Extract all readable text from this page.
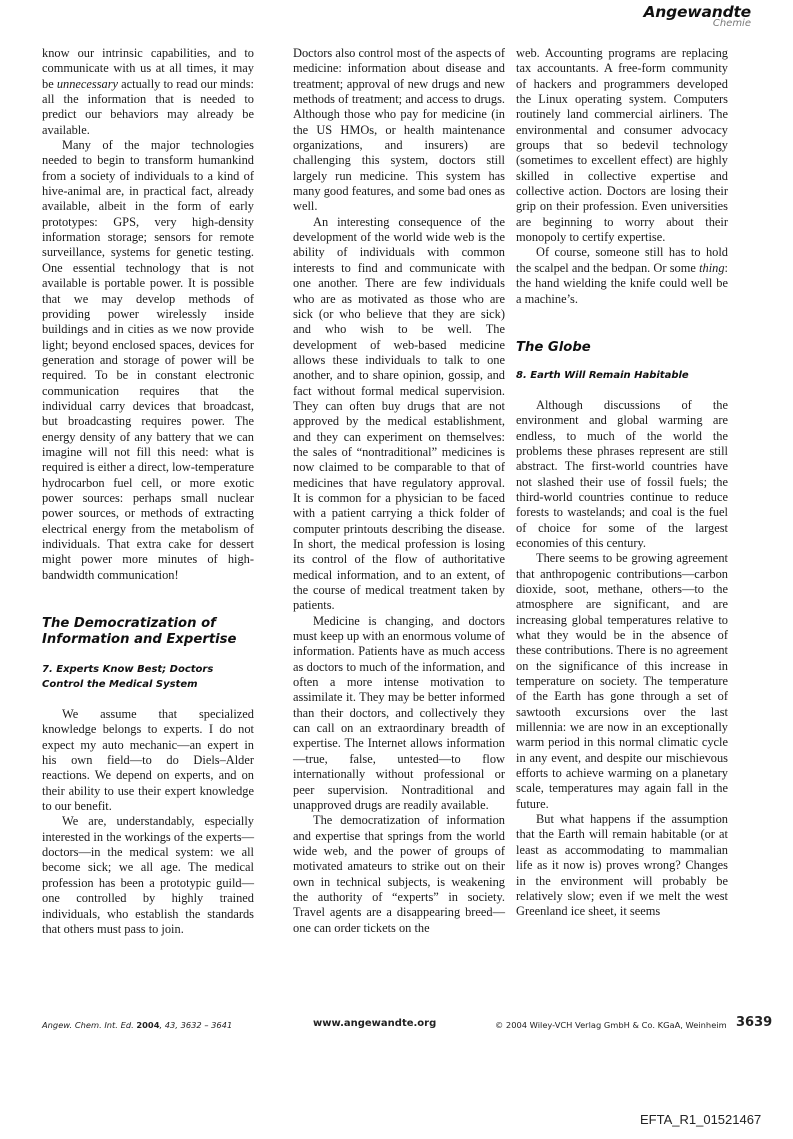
Angewandte
Chemie

know our intrinsic capabilities, and to communicate with us at all times, it may be unnecessary actually to read our minds: all the information that is needed to predict our behaviors may already be available.

Many of the major technologies needed to begin to transform humankind from a society of individuals to a kind of hive-animal are, in practical fact, already available, albeit in the form of early prototypes: GPS, very high-density information storage; sensors for remote surveillance, systems for genetic testing. One essential technology that is not available is portable power. It is possible that we may develop methods of providing power wirelessly inside buildings and in cities as we now provide light; beyond enclosed spaces, devices for generation and storage of power will be required. To be in constant electronic communication requires that the individual carry devices that broadcast, but broadcasting requires power. The energy density of any battery that we can imagine will not fill this need: what is required is either a direct, low-temperature hydrocarbon fuel cell, or more exotic power sources: perhaps small nuclear power sources, or methods of extracting electrical energy from the metabolism of individuals. That extra cake for dessert might power more minutes of high-bandwidth communication!

The Democratization of Information and Expertise
7. Experts Know Best; Doctors Control the Medical System

We assume that specialized knowledge belongs to experts. I do not expect my auto mechanic—an expert in his own field—to do Diels–Alder reactions. We depend on experts, and on their ability to use their expert knowledge to our benefit.

We are, understandably, especially interested in the workings of the experts—doctors—in the medical system: we all become sick; we all age. The medical profession has been a prototypic guild—one controlled by highly trained individuals, who establish the standards that others must pass to join.

Doctors also control most of the aspects of medicine: information about disease and treatment; approval of new drugs and new methods of treatment; and access to drugs. Although those who pay for medicine (in the US HMOs, or health maintenance organizations, and insurers) are challenging this system, doctors still largely run medicine. This system has many good features, and some bad ones as well.

An interesting consequence of the development of the world wide web is the ability of individuals with common interests to find and communicate with one another. There are few individuals who are as motivated as those who are sick (or who believe that they are sick) and who wish to be well. The development of web-based medicine allows these individuals to talk to one another, and to share opinion, gossip, and fact without formal medical supervision. They can often buy drugs that are not approved by the medical establishment, and they can experiment on themselves: the sales of “nontraditional” medicines is now claimed to be comparable to that of medicines that have regulatory approval. It is common for a physician to be faced with a patient carrying a thick folder of computer printouts describing the disease. In short, the medical profession is losing its control of the flow of authoritative medical information, and to an extent, of the course of medical treatment taken by patients.

Medicine is changing, and doctors must keep up with an enormous volume of information. Patients have as much access as doctors to much of the information, and often a more intense motivation to assimilate it. They may be better informed than their doctors, and collectively they can call on an extraordinary breadth of expertise. The Internet allows information—true, false, untested—to flow internationally without professional or peer supervision. Nontraditional and unapproved drugs are readily available.

The democratization of information and expertise that springs from the world wide web, and the power of groups of motivated amateurs to strike out on their own in technical subjects, is weakening the authority of “experts” in society. Travel agents are a disappearing breed—one can order tickets on the

web. Accounting programs are replacing tax accountants. A free-form community of hackers and programmers developed the Linux operating system. Computers routinely land commercial airliners. The environmental and consumer advocacy groups that so bedevil technology (sometimes to excellent effect) are highly skilled in collective expertise and collective action. Doctors are losing their grip on their profession. Even universities are beginning to worry about their monopoly to certify expertise.

Of course, someone still has to hold the scalpel and the bedpan. Or some thing: the hand wielding the knife could well be a machine’s.

The Globe
8. Earth Will Remain Habitable

Although discussions of the environment and global warming are endless, to much of the world the problems these phrases represent are still abstract. The first-world countries have not slashed their use of fossil fuels; the third-world countries continue to reduce forests to wastelands; and coal is the fuel of choice for some of the largest economies of this century.

There seems to be growing agreement that anthropogenic contributions—carbon dioxide, soot, methane, others—to the atmosphere are significant, and are increasing global temperatures relative to what they would be in the absence of these contributions. There is no agreement on the significance of this increase in temperature on society. The temperature of the Earth has gone through a set of sawtooth excursions over the last millennia: we are now in an exceptionally warm period in this normal climatic cycle in any event, and despite our mischievous efforts to achieve warming on a planetary scale, temperatures may again fall in the future.

But what happens if the assumption that the Earth will remain habitable (or at least as accommodating to mammalian life as it now is) proves wrong? Changes in the environment will probably be relatively slow; even if we melt the west Greenland ice sheet, it seems

Angew. Chem. Int. Ed. 2004, 43, 3632 – 3641	www.angewandte.org	© 2004 Wiley-VCH Verlag GmbH & Co. KGaA, Weinheim 3639
EFTA_R1_01521467
